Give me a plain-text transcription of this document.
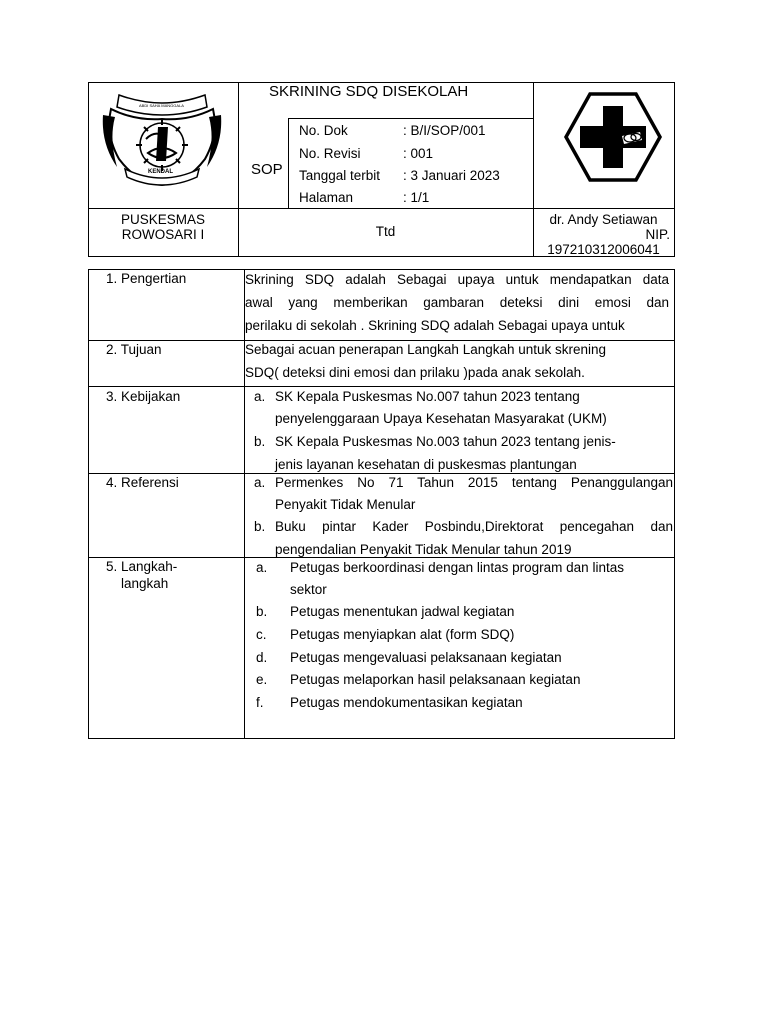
ABDI SAHA MANGGALA
KENDAL
SKRINING SDQ DISEKOLAH
SOP
No. Dok	: B/I/SOP/001
No. Revisi	: 001
Tanggal terbit : 3 Januari 2023
Halaman	: 1/1
PUSKESMAS
ROWOSARI I	Ttd
dr. Andy Setiawan
NIP.
197210312006041
1. Pengertian	Skrining SDQ adalah Sebagai upaya untuk mendapatkan data
awal yang memberikan gambaran deteksi dini emosi dan
perilaku di sekolah . Skrining SDQ adalah Sebagai upaya untuk
2. Tujuan	Sebagai acuan penerapan Langkah Langkah untuk skrening
SDQ( deteksi dini emosi dan prilaku )pada anak sekolah.
3. Kebijakan	a. SK Kepala Puskesmas No.007 tahun 2023 tentang
penyelenggaraan Upaya Kesehatan Masyarakat (UKM)
b. SK Kepala Puskesmas No.003 tahun 2023 tentang jenis-
jenis layanan kesehatan di puskesmas plantungan
4. Referensi	a. Permenkes No 71 Tahun 2015 tentang Penanggulangan
Penyakit Tidak Menular
b. Buku pintar Kader Posbindu,Direktorat pencegahan dan
pengendalian Penyakit Tidak Menular tahun 2019
5. Langkah-
langkah
a. Petugas berkoordinasi dengan lintas program dan lintas
sektor
b. Petugas menentukan jadwal kegiatan
c. Petugas menyiapkan alat (form SDQ)
d. Petugas mengevaluasi pelaksanaan kegiatan
e. Petugas melaporkan hasil pelaksanaan kegiatan
f. Petugas mendokumentasikan kegiatan
